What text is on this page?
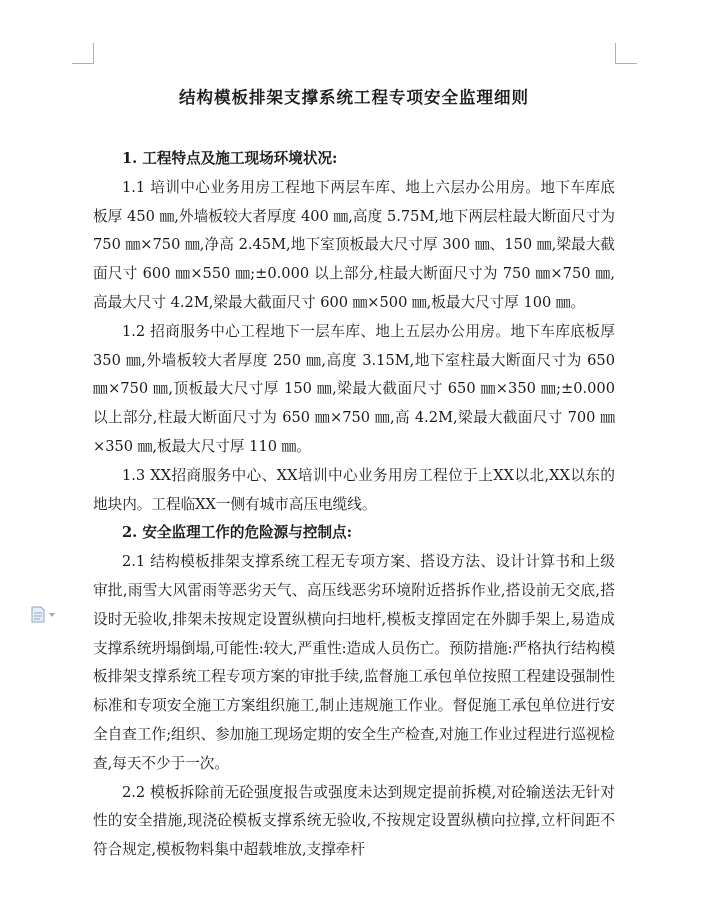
结构模板排架支撑系统工程专项安全监理细则

1. 工程特点及施工现场环境状况:

1.1 培训中心业务用房工程地下两层车库、地上六层办公用房。地下车库底板厚 450 ㎜,外墙板较大者厚度 400 ㎜,高度 5.75M,地下两层柱最大断面尺寸为 750 ㎜×750 ㎜,净高 2.45M,地下室顶板最大尺寸厚 300 ㎜、150 ㎜,梁最大截面尺寸 600 ㎜×550 ㎜;±0.000 以上部分,柱最大断面尺寸为 750 ㎜×750 ㎜,高最大尺寸 4.2M,梁最大截面尺寸 600 ㎜×500 ㎜,板最大尺寸厚 100 ㎜。

1.2 招商服务中心工程地下一层车库、地上五层办公用房。地下车库底板厚 350 ㎜,外墙板较大者厚度 250 ㎜,高度 3.15M,地下室柱最大断面尺寸为 650 ㎜×750 ㎜,顶板最大尺寸厚 150 ㎜,梁最大截面尺寸 650 ㎜×350 ㎜;±0.000 以上部分,柱最大断面尺寸为 650 ㎜×750 ㎜,高 4.2M,梁最大截面尺寸 700 ㎜×350 ㎜,板最大尺寸厚 110 ㎜。

1.3 XX招商服务中心、XX培训中心业务用房工程位于上XX以北,XX以东的地块内。工程临XX一侧有城市高压电缆线。

2. 安全监理工作的危险源与控制点:

2.1 结构模板排架支撑系统工程无专项方案、搭设方法、设计计算书和上级审批,雨雪大风雷雨等恶劣天气、高压线恶劣环境附近搭拆作业,搭设前无交底,搭设时无验收,排架未按规定设置纵横向扫地杆,模板支撑固定在外脚手架上,易造成支撑系统坍塌倒塌,可能性:较大,严重性:造成人员伤亡。预防措施:严格执行结构模板排架支撑系统工程专项方案的审批手续,监督施工承包单位按照工程建设强制性标准和专项安全施工方案组织施工,制止违规施工作业。督促施工承包单位进行安全自查工作;组织、参加施工现场定期的安全生产检查,对施工作业过程进行巡视检查,每天不少于一次。

2.2 模板拆除前无砼强度报告或强度未达到规定提前拆模,对砼输送法无针对性的安全措施,现浇砼模板支撑系统无验收,不按规定设置纵横向拉撑,立杆间距不符合规定,模板物料集中超载堆放,支撑牵杆
